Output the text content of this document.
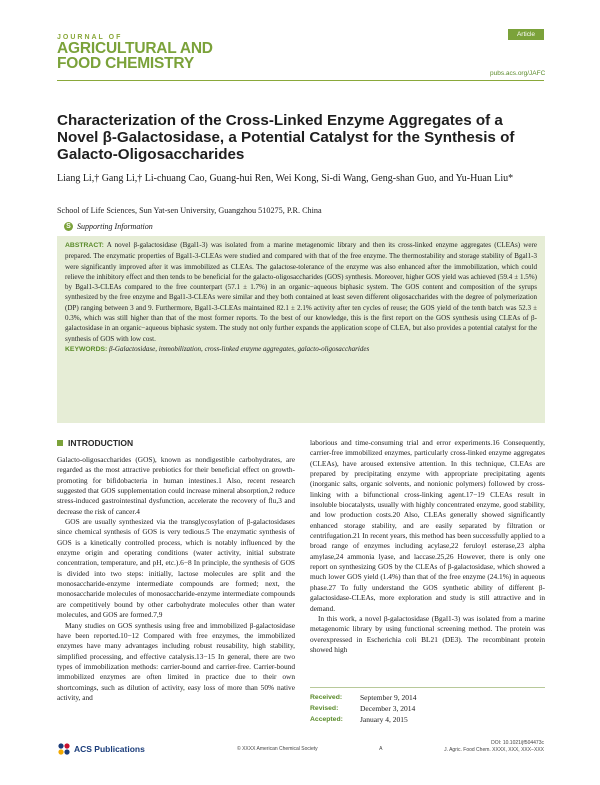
JOURNAL OF
AGRICULTURAL AND
FOOD CHEMISTRY
Article
pubs.acs.org/JAFC
Characterization of the Cross-Linked Enzyme Aggregates of a Novel β-Galactosidase, a Potential Catalyst for the Synthesis of Galacto-Oligosaccharides
Liang Li,† Gang Li,† Li-chuang Cao, Guang-hui Ren, Wei Kong, Si-di Wang, Geng-shan Guo, and Yu-Huan Liu*
School of Life Sciences, Sun Yat-sen University, Guangzhou 510275, P.R. China
S Supporting Information

ABSTRACT: A novel β-galactosidase (Bgal1-3) was isolated from a marine metagenomic library and then its cross-linked enzyme aggregates (CLEAs) were prepared. The enzymatic properties of Bgal1-3-CLEAs were studied and compared with that of the free enzyme. The thermostability and storage stability of Bgal1-3 were significantly improved after it was immobilized as CLEAs. The galactose-tolerance of the enzyme was also enhanced after the immobilization, which could relieve the inhibitory effect and then tends to be beneficial for the galacto-oligosaccharides (GOS) synthesis. Moreover, higher GOS yield was achieved (59.4 ± 1.5%) by Bgal1-3-CLEAs compared to the free counterpart (57.1 ± 1.7%) in an organic−aqueous biphasic system. The GOS content and composition of the syrups synthesized by the free enzyme and Bgal1-3-CLEAs were similar and they both contained at least seven different oligosaccharides with the degree of polymerization (DP) ranging between 3 and 9. Furthermore, Bgal1-3-CLEAs maintained 82.1 ± 2.1% activity after ten cycles of reuse; the GOS yield of the tenth batch was 52.3 ± 0.3%, which was still higher than that of the most former reports. To the best of our knowledge, this is the first report on the GOS synthesis using CLEAs of β-galactosidase in an organic−aqueous biphasic system. The study not only further expands the application scope of CLEA, but also provides a potential catalyst for the synthesis of GOS with low cost.

KEYWORDS: β-Galactosidase, immobilization, cross-linked enzyme aggregates, galacto-oligosaccharides

INTRODUCTION

Galacto-oligosaccharides (GOS), known as nondigestible carbohydrates, are regarded as the most attractive prebiotics for their beneficial effect on growth-promoting for bifidobacteria in human intestines.1 Also, recent research suggested that GOS supplementation could increase mineral absorption,2 reduce stress-induced gastrointestinal dysfunction, accelerate the recovery of flu,3 and decrease the risk of cancer.4

GOS are usually synthesized via the transglycosylation of β-galactosidases since chemical synthesis of GOS is very tedious.5 The enzymatic synthesis of GOS is a kinetically controlled process, which is notably influenced by the enzyme origin and operating conditions (water activity, initial substrate concentration, temperature, and pH, etc.).6−8 In principle, the synthesis of GOS is divided into two steps: initially, lactose molecules are split and the monosaccharide-enzyme intermediate compounds are formed; next, the monosaccharide molecules of monosaccharide-enzyme intermediate compounds are competitively bound by other carbohydrate molecules other than water molecules, and GOS are formed.7,9

Many studies on GOS synthesis using free and immobilized β-galactosidase have been reported.10−12 Compared with free enzymes, the immobilized enzymes have many advantages including robust reusability, high stability, simplified processing, and effective catalysis.13−15 In general, there are two types of immobilization methods: carrier-bound and carrier-free. Carrier-bound immobilized enzymes are often limited in practice due to their own shortcomings, such as dilution of activity, easy loss of more than 50% native activity, and

laborious and time-consuming trial and error experiments.16 Consequently, carrier-free immobilized enzymes, particularly cross-linked enzyme aggregates (CLEAs), have aroused extensive attention. In this technique, CLEAs are prepared by precipitating enzyme with appropriate precipitating agents (inorganic salts, organic solvents, and nonionic polymers) followed by cross-linking with a bifunctional cross-linking agent.17−19 CLEAs result in insoluble biocatalysts, usually with highly concentrated enzyme, good stability, and low production costs.20 Also, CLEAs generally showed significantly enhanced storage stability, and are easily separated by filtration or centrifugation.21 In recent years, this method has been successfully applied to a broad range of enzymes including acylase,22 feruloyl esterase,23 alpha amylase,24 ammonia lyase, and laccase.25,26 However, there is only one report on synthesizing GOS by the CLEAs of β-galactosidase, which showed a much lower GOS yield (1.4%) than that of the free enzyme (24.1%) in aqueous phase.27 To fully understand the GOS synthetic ability of different β-galactosidase-CLEAs, more exploration and study is still attractive and in demand.

In this work, a novel β-galactosidase (Bgal1-3) was isolated from a marine metagenomic library by using functional screening method. The protein was overexpressed in Escherichia coli BL21 (DE3). The recombinant protein showed high

Received:	September 9, 2014
Revised:	December 3, 2014
Accepted:	January 4, 2015
ACS Publications	© XXXX American Chemical Society	A
DOI: 10.1021/jf504473c
J. Agric. Food Chem. XXXX, XXX, XXX−XXX
